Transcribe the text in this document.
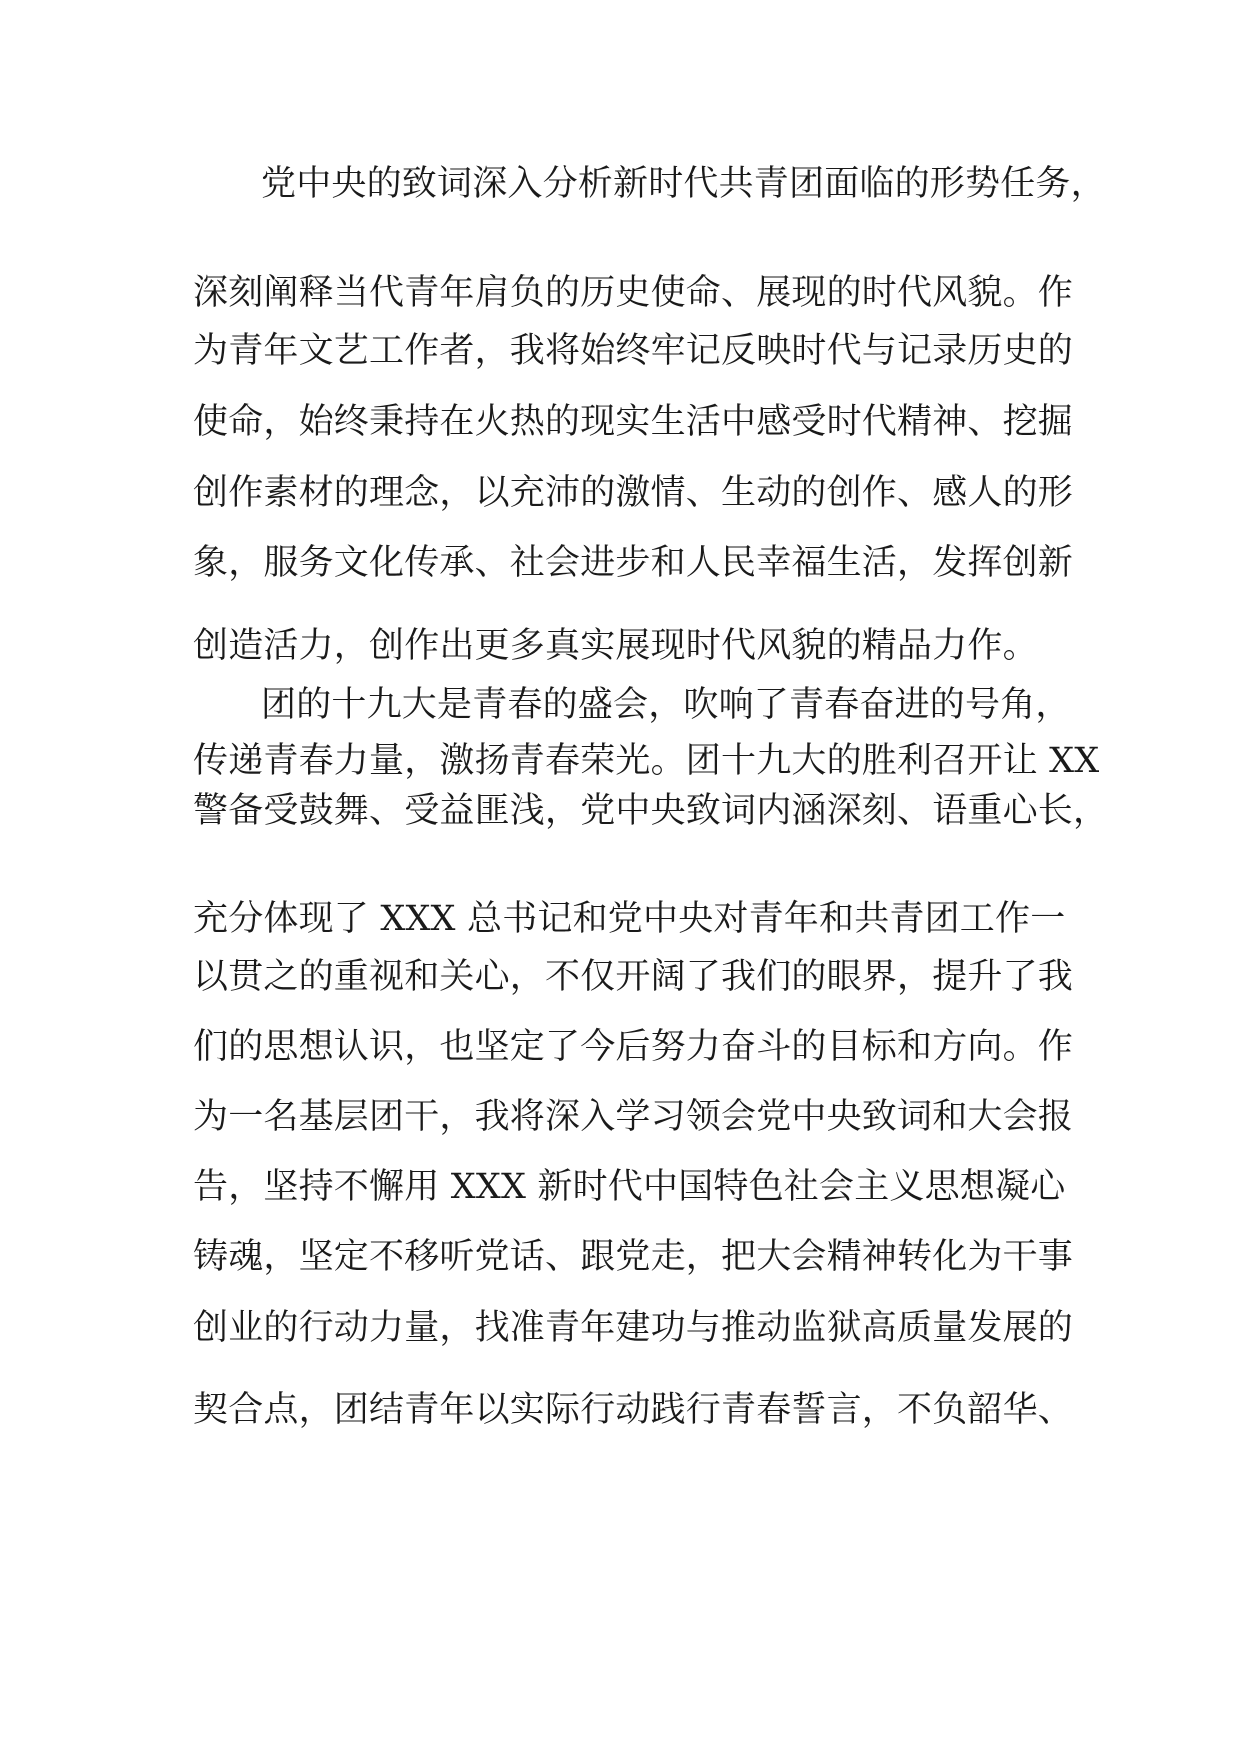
党中央的致词深入分析新时代共青团面临的形势任务，

深刻阐释当代青年肩负的历史使命、展现的时代风貌。作

为青年文艺工作者，我将始终牢记反映时代与记录历史的

使命，始终秉持在火热的现实生活中感受时代精神、挖掘

创作素材的理念，以充沛的激情、生动的创作、感人的形

象，服务文化传承、社会进步和人民幸福生活，发挥创新

创造活力，创作出更多真实展现时代风貌的精品力作。

团的十九大是青春的盛会，吹响了青春奋进的号角，

传递青春力量，激扬青春荣光。团十九大的胜利召开让 XX

警备受鼓舞、受益匪浅，党中央致词内涵深刻、语重心长，

充分体现了 XXX 总书记和党中央对青年和共青团工作一

以贯之的重视和关心，不仅开阔了我们的眼界，提升了我

们的思想认识，也坚定了今后努力奋斗的目标和方向。作

为一名基层团干，我将深入学习领会党中央致词和大会报

告，坚持不懈用 XXX 新时代中国特色社会主义思想凝心

铸魂，坚定不移听党话、跟党走，把大会精神转化为干事

创业的行动力量，找准青年建功与推动监狱高质量发展的

契合点，团结青年以实际行动践行青春誓言，不负韶华、
